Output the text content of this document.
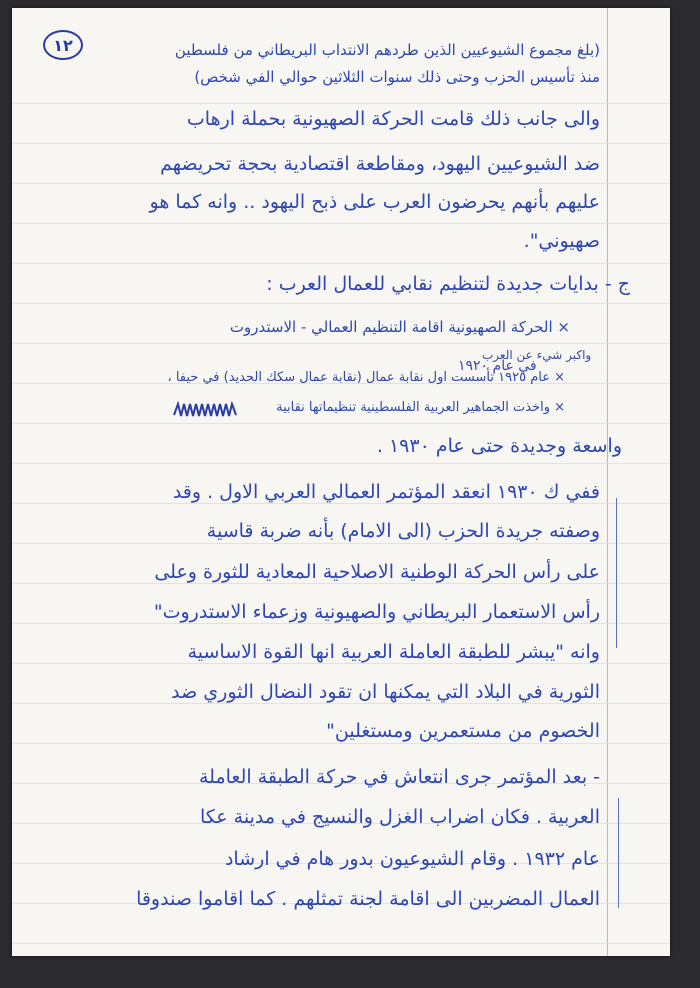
١٢	(بلغ مجموع الشيوعيين الذين طردهم الانتداب البريطاني من فلسطين
منذ تأسيس الحزب وحتى ذلك سنوات الثلاثين حوالي الفي شخص)
والى جانب ذلك قامت الحركة الصهيونية بحملة ارهاب
ضد الشيوعيين اليهود، ومقاطعة اقتصادية بحجة تحريضهم
عليهم بأنهم يحرضون العرب على ذبح اليهود .. وانه كما هو
صهيوني".
ج - بدايات جديدة لتنظيم نقابي للعمال العرب :
× الحركة الصهيونية اقامة التنظيم العمالي - الاستدروت
× عام ١٩٢٥ تأسست اول نقابة عمال (نقابة عمال سكك الحديد) في حيفا ،
× واخذت الجماهير العربية الفلسطينية تنظيماتها نقابية
واسعة وجديدة حتى عام ١٩٣٠ .
ففي ك ١٩٣٠ انعقد المؤتمر العمالي العربي الاول . وقد
وصفته جريدة الحزب (الى الامام) بأنه ضربة قاسية
على رأس الحركة الوطنية الاصلاحية المعادية للثورة وعلى
رأس الاستعمار البريطاني والصهيونية وزعماء الاستدروت"
وانه "يبشر للطبقة العاملة العربية انها القوة الاساسية
الثورية في البلاد التي يمكنها ان تقود النضال الثوري ضد
الخصوم من مستعمرين ومستغلين"
- بعد المؤتمر جرى انتعاش في حركة الطبقة العاملة
العربية . فكان اضراب الغزل والنسيج في مدينة عكا
عام ١٩٣٢ . وقام الشيوعيون بدور هام في ارشاد
العمال المضربين الى اقامة لجنة تمثلهم . كما اقاموا صندوقا
واكبر شيء عن العرب
في عام ١٩٢٠
